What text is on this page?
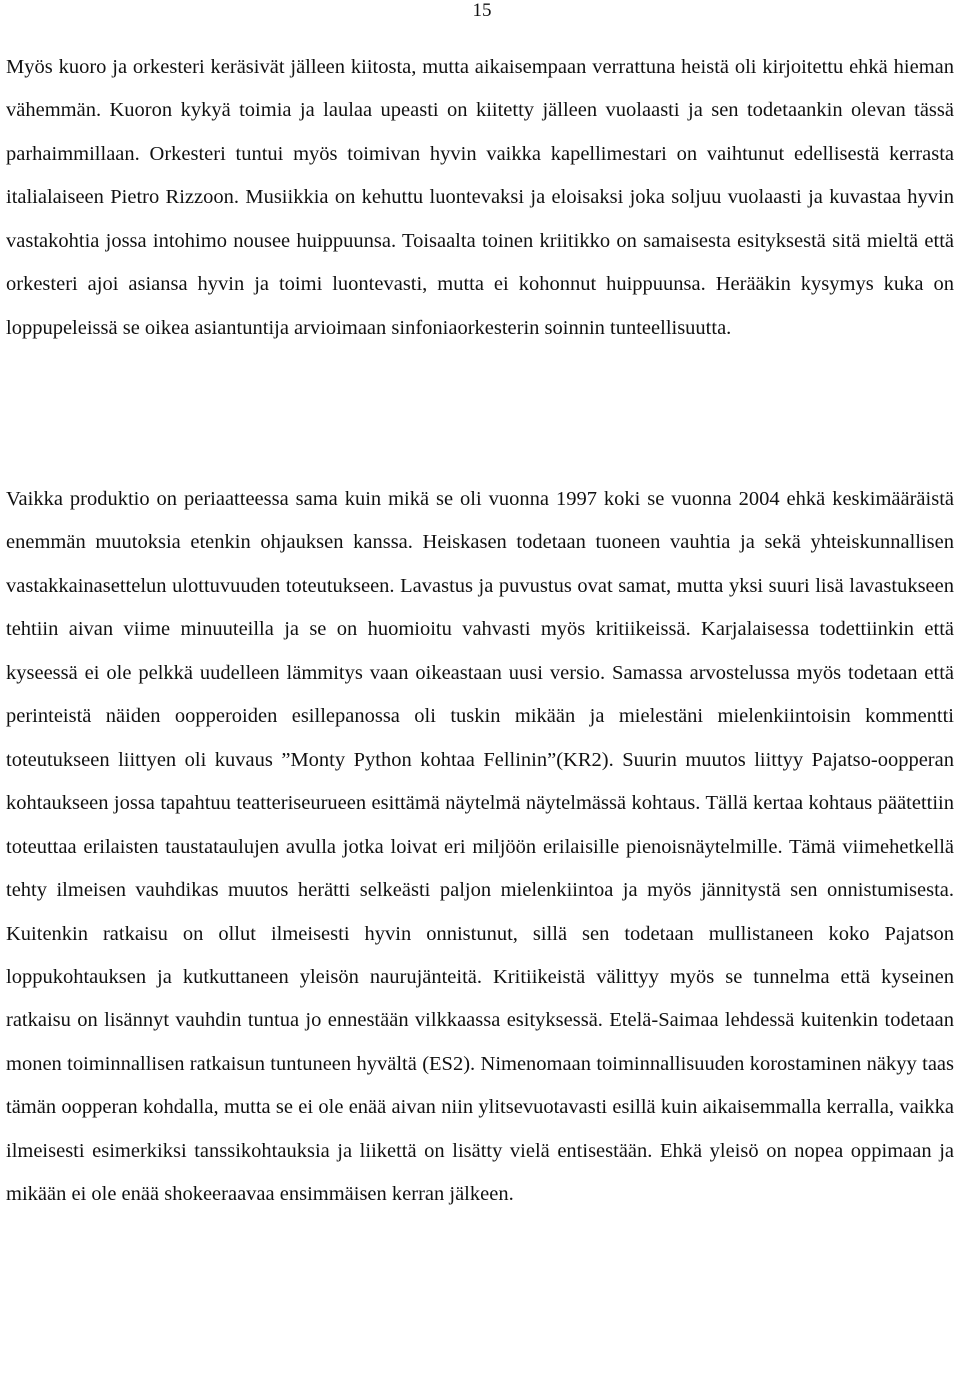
15

Myös kuoro ja orkesteri keräsivät jälleen kiitosta, mutta aikaisempaan verrattuna heistä oli kirjoitettu ehkä hieman vähemmän. Kuoron kykyä toimia ja laulaa upeasti on kiitetty jälleen vuolaasti ja sen todetaankin olevan tässä parhaimmillaan. Orkesteri tuntui myös toimivan hyvin vaikka kapellimestari on vaihtunut edellisestä kerrasta italialaiseen Pietro Rizzoon. Musiikkia on kehuttu luontevaksi ja eloisaksi joka soljuu vuolaasti ja kuvastaa hyvin vastakohtia jossa intohimo nousee huippuunsa. Toisaalta toinen kriitikko on samaisesta esityksestä sitä mieltä että orkesteri ajoi asiansa hyvin ja toimi luontevasti, mutta ei kohonnut huippuunsa. Herääkin kysymys kuka on loppupeleissä se oikea asiantuntija arvioimaan sinfoniaorkesterin soinnin tunteellisuutta.

Vaikka produktio on periaatteessa sama kuin mikä se oli vuonna 1997 koki se vuonna 2004 ehkä keskimääräistä enemmän muutoksia etenkin ohjauksen kanssa. Heiskasen todetaan tuoneen vauhtia ja sekä yhteiskunnallisen vastakkainasettelun ulottuvuuden toteutukseen. Lavastus ja puvustus ovat samat, mutta yksi suuri lisä lavastukseen tehtiin aivan viime minuuteilla ja se on huomioitu vahvasti myös kritiikeissä. Karjalaisessa todettiinkin että kyseessä ei ole pelkkä uudelleen lämmitys vaan oikeastaan uusi versio. Samassa arvostelussa myös todetaan että perinteistä näiden oopperoiden esillepanossa oli tuskin mikään ja mielestäni mielenkiintoisin kommentti toteutukseen liittyen oli kuvaus ”Monty Python kohtaa Fellinin”(KR2). Suurin muutos liittyy Pajatso-oopperan kohtaukseen jossa tapahtuu teatteriseurueen esittämä näytelmä näytelmässä kohtaus. Tällä kertaa kohtaus päätettiin toteuttaa erilaisten taustataulujen avulla jotka loivat eri miljöön erilaisille pienoisnäytelmille. Tämä viimehetkellä tehty ilmeisen vauhdikas muutos herätti selkeästi paljon mielenkiintoa ja myös jännitystä sen onnistumisesta. Kuitenkin ratkaisu on ollut ilmeisesti hyvin onnistunut, sillä sen todetaan mullistaneen koko Pajatson loppukohtauksen ja kutkuttaneen yleisön naurujänteitä. Kritiikeistä välittyy myös se tunnelma että kyseinen ratkaisu on lisännyt vauhdin tuntua jo ennestään vilkkaassa esityksessä. Etelä-Saimaa lehdessä kuitenkin todetaan monen toiminnallisen ratkaisun tuntuneen hyvältä (ES2). Nimenomaan toiminnallisuuden korostaminen näkyy taas tämän oopperan kohdalla, mutta se ei ole enää aivan niin ylitsevuotavasti esillä kuin aikaisemmalla kerralla, vaikka ilmeisesti esimerkiksi tanssikohtauksia ja liikettä on lisätty vielä entisestään. Ehkä yleisö on nopea oppimaan ja mikään ei ole enää shokeeraavaa ensimmäisen kerran jälkeen.
